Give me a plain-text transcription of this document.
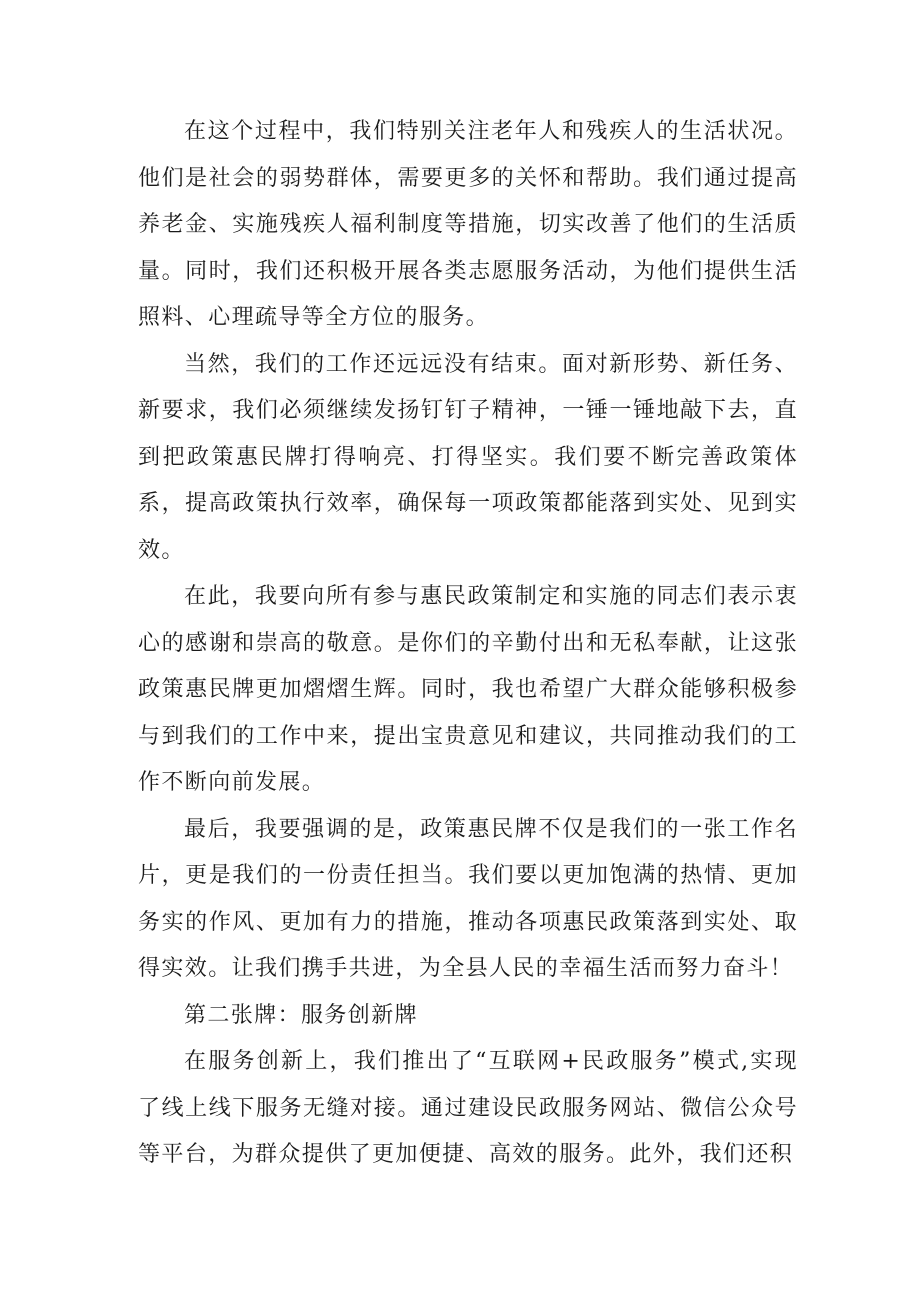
在这个过程中，我们特别关注老年人和残疾人的生活状况。他们是社会的弱势群体，需要更多的关怀和帮助。我们通过提高养老金、实施残疾人福利制度等措施，切实改善了他们的生活质量。同时，我们还积极开展各类志愿服务活动，为他们提供生活照料、心理疏导等全方位的服务。

当然，我们的工作还远远没有结束。面对新形势、新任务、新要求，我们必须继续发扬钉钉子精神，一锤一锤地敲下去，直到把政策惠民牌打得响亮、打得坚实。我们要不断完善政策体系，提高政策执行效率，确保每一项政策都能落到实处、见到实效。

在此，我要向所有参与惠民政策制定和实施的同志们表示衷心的感谢和崇高的敬意。是你们的辛勤付出和无私奉献，让这张政策惠民牌更加熠熠生辉。同时，我也希望广大群众能够积极参与到我们的工作中来，提出宝贵意见和建议，共同推动我们的工作不断向前发展。

最后，我要强调的是，政策惠民牌不仅是我们的一张工作名片，更是我们的一份责任担当。我们要以更加饱满的热情、更加务实的作风、更加有力的措施，推动各项惠民政策落到实处、取得实效。让我们携手共进，为全县人民的幸福生活而努力奋斗！

第二张牌：服务创新牌

在服务创新上，我们推出了“互联网+民政服务”模式,实现了线上线下服务无缝对接。通过建设民政服务网站、微信公众号等平台，为群众提供了更加便捷、高效的服务。此外，我们还积
